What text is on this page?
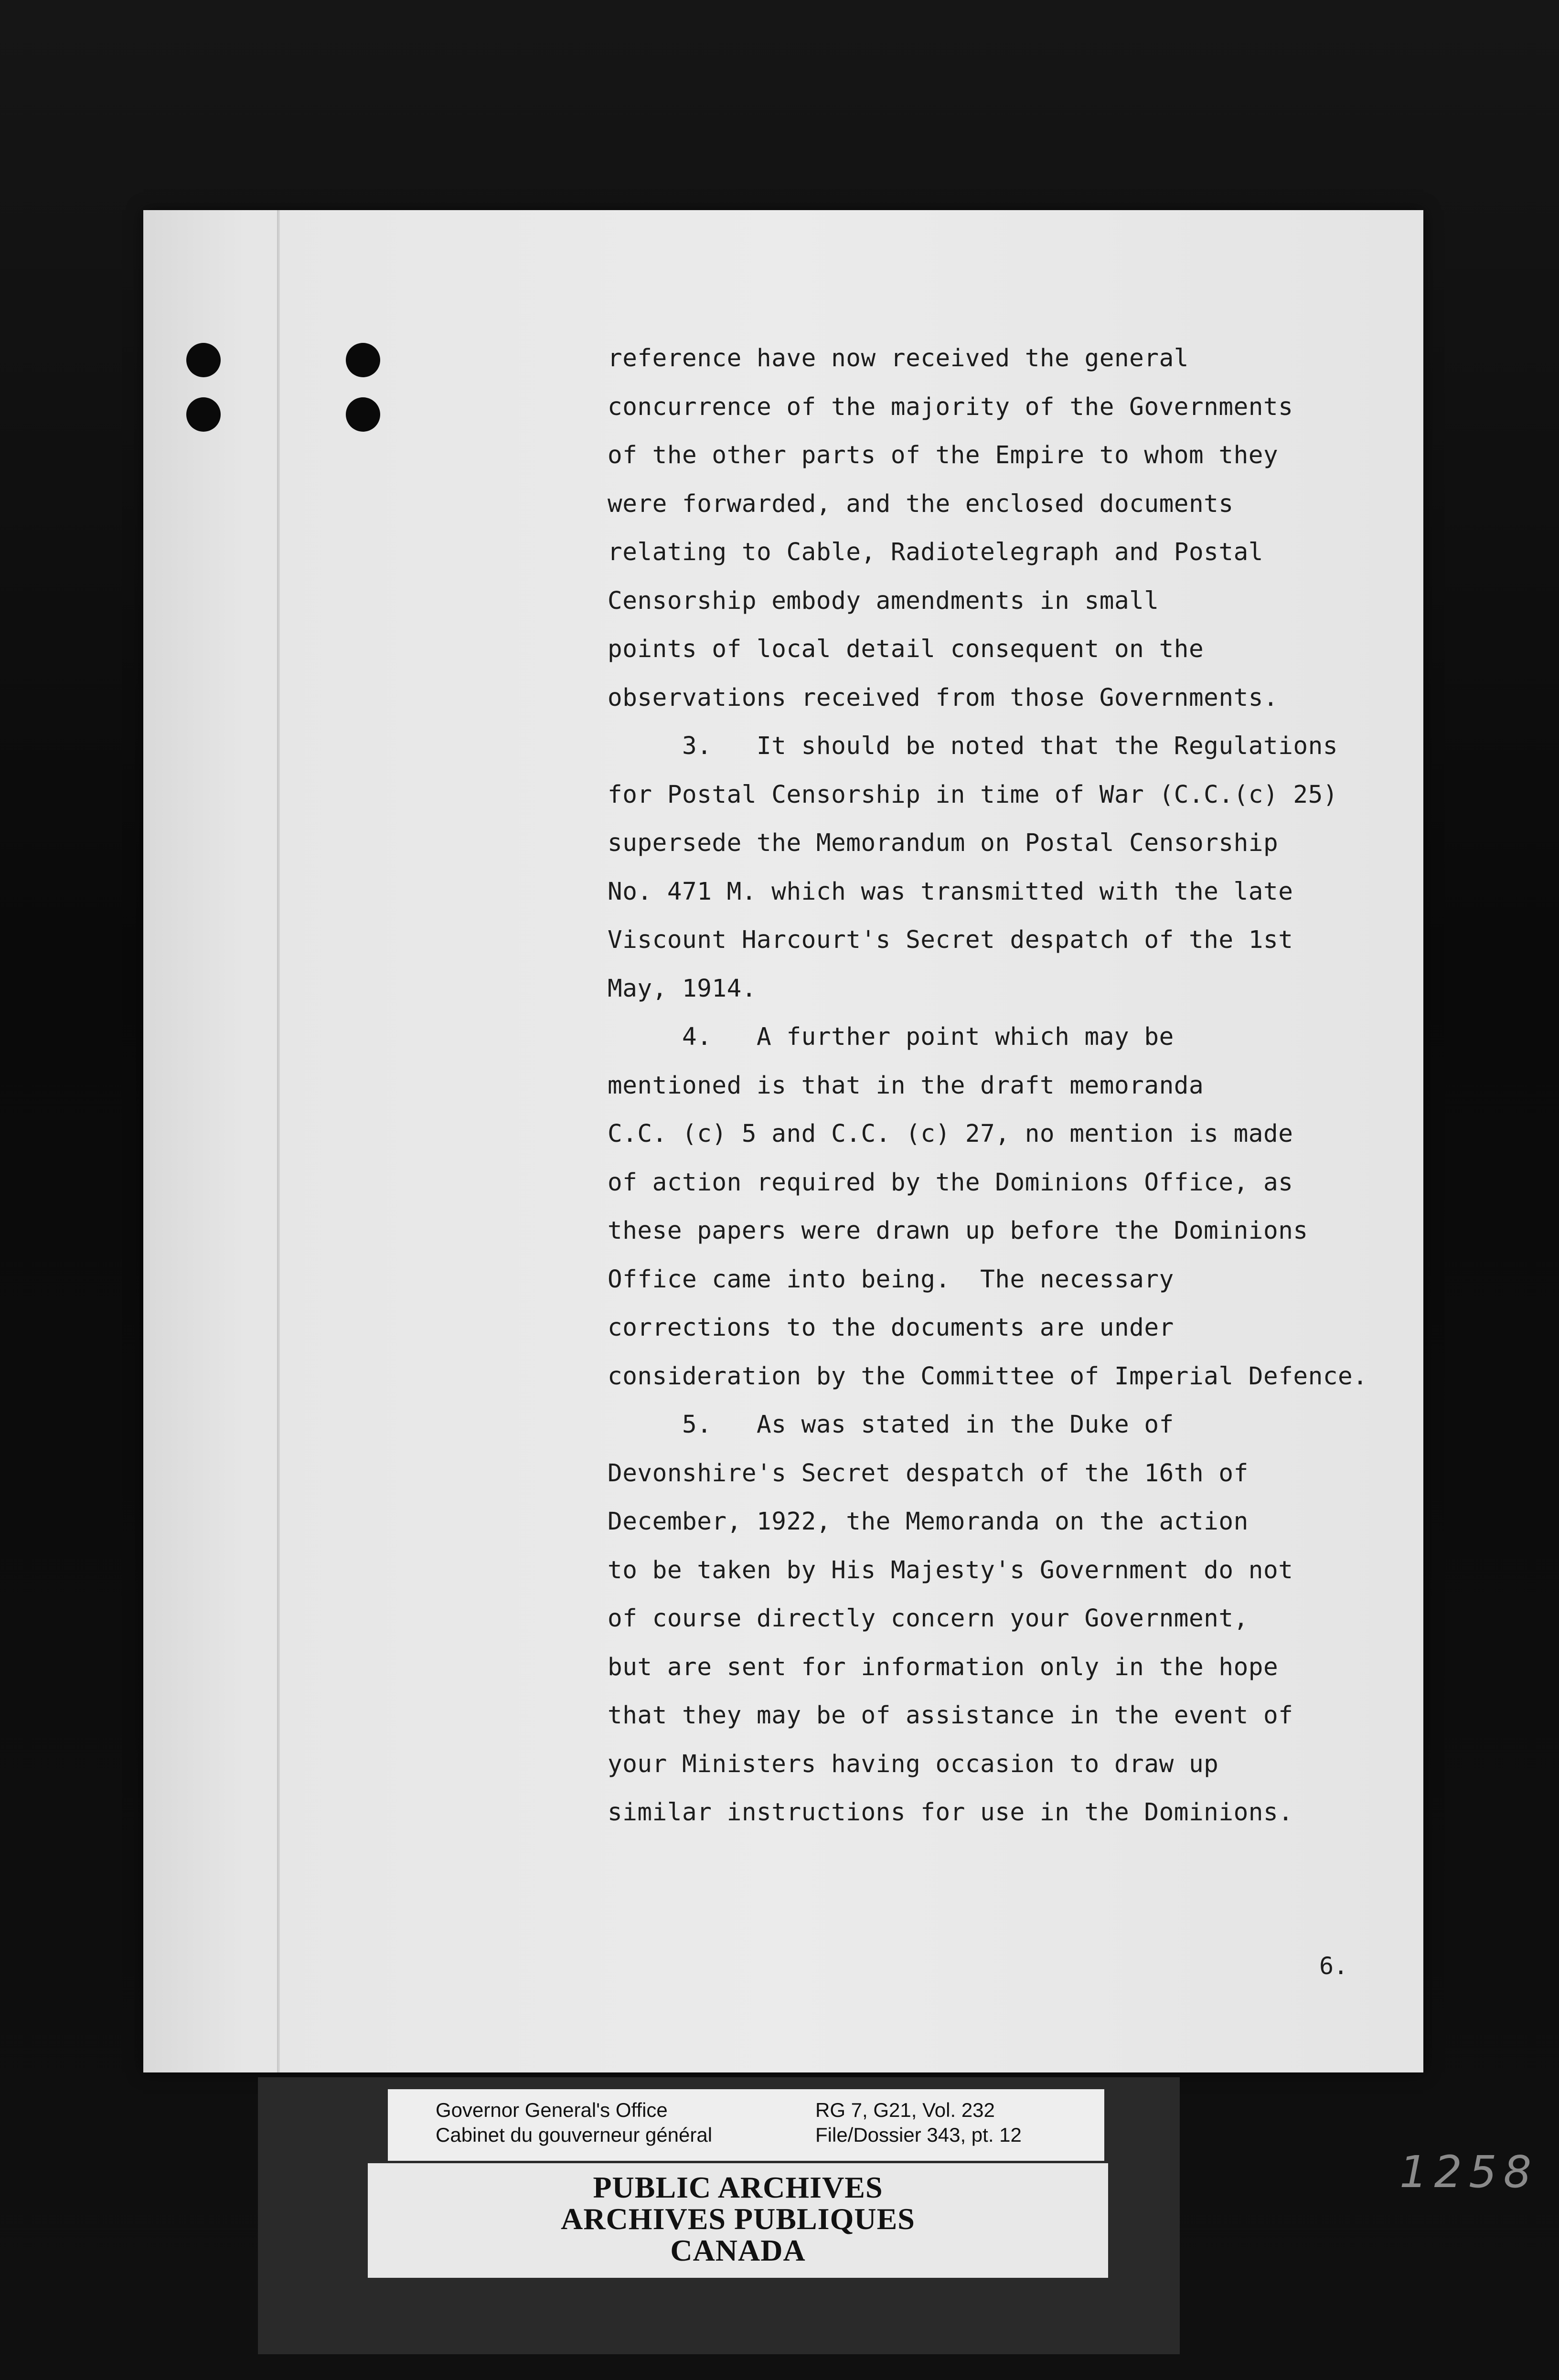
reference have now received the general
concurrence of the majority of the Governments
of the other parts of the Empire to whom they
were forwarded, and the enclosed documents
relating to Cable, Radiotelegraph and Postal
Censorship embody amendments in small
points of local detail consequent on the
observations received from those Governments.
3.   It should be noted that the Regulations
for Postal Censorship in time of War (C.C.(c) 25)
supersede the Memorandum on Postal Censorship
No. 471 M. which was transmitted with the late
Viscount Harcourt's Secret despatch of the 1st
May, 1914.
4.   A further point which may be
mentioned is that in the draft memoranda
C.C. (c) 5 and C.C. (c) 27, no mention is made
of action required by the Dominions Office, as
these papers were drawn up before the Dominions
Office came into being.  The necessary
corrections to the documents are under
consideration by the Committee of Imperial Defence.
5.   As was stated in the Duke of
Devonshire's Secret despatch of the 16th of
December, 1922, the Memoranda on the action
to be taken by His Majesty's Government do not
of course directly concern your Government,
but are sent for information only in the hope
that they may be of assistance in the event of
your Ministers having occasion to draw up
similar instructions for use in the Dominions.
6.
Governor General's Office
Cabinet du gouverneur général
RG 7, G21, Vol. 232
File/Dossier 343, pt. 12
PUBLIC ARCHIVES
ARCHIVES PUBLIQUES
CANADA
1258
